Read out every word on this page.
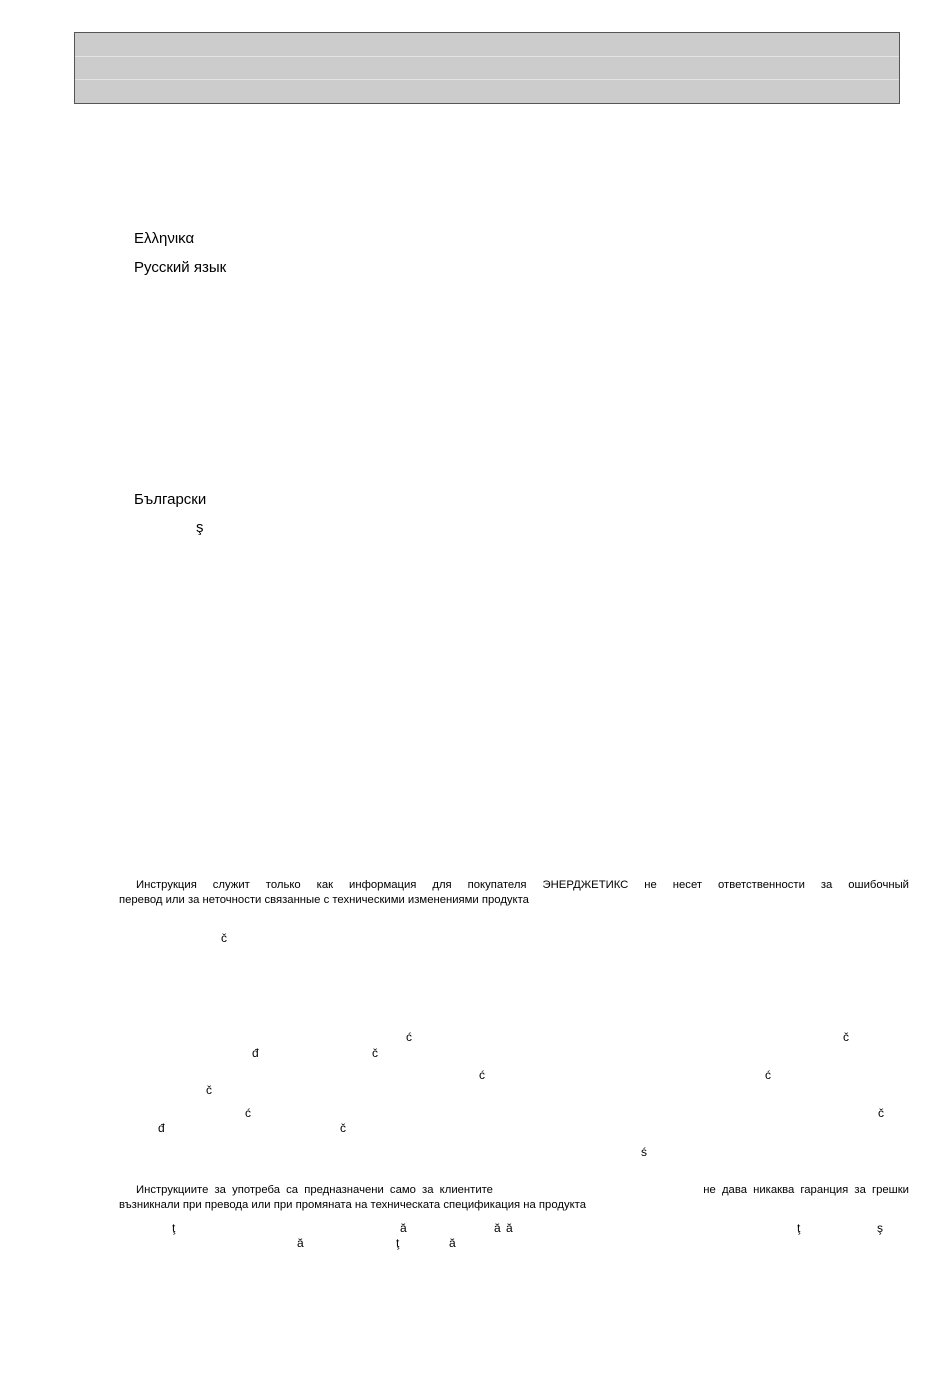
Ελληνικα
Русский язык
Български
ş
Инструкция служит только как информация для покупателя ЭНЕРДЖЕТИКС не несет ответственности за ошибочный
перевод или за неточности связанные с техническими изменениями продукта
č
ć	č
đ	č
ć	ć
č
ć	č
đ	č
ś
Инструкциите за употреба са предназначени само за клиентите	не дава никаква гаранция за грешки
възникнали при превода или при промяната на техническата спецификация на продукта
ţ	ă	ă ă	ţ	ş
ă	ţ	ă
